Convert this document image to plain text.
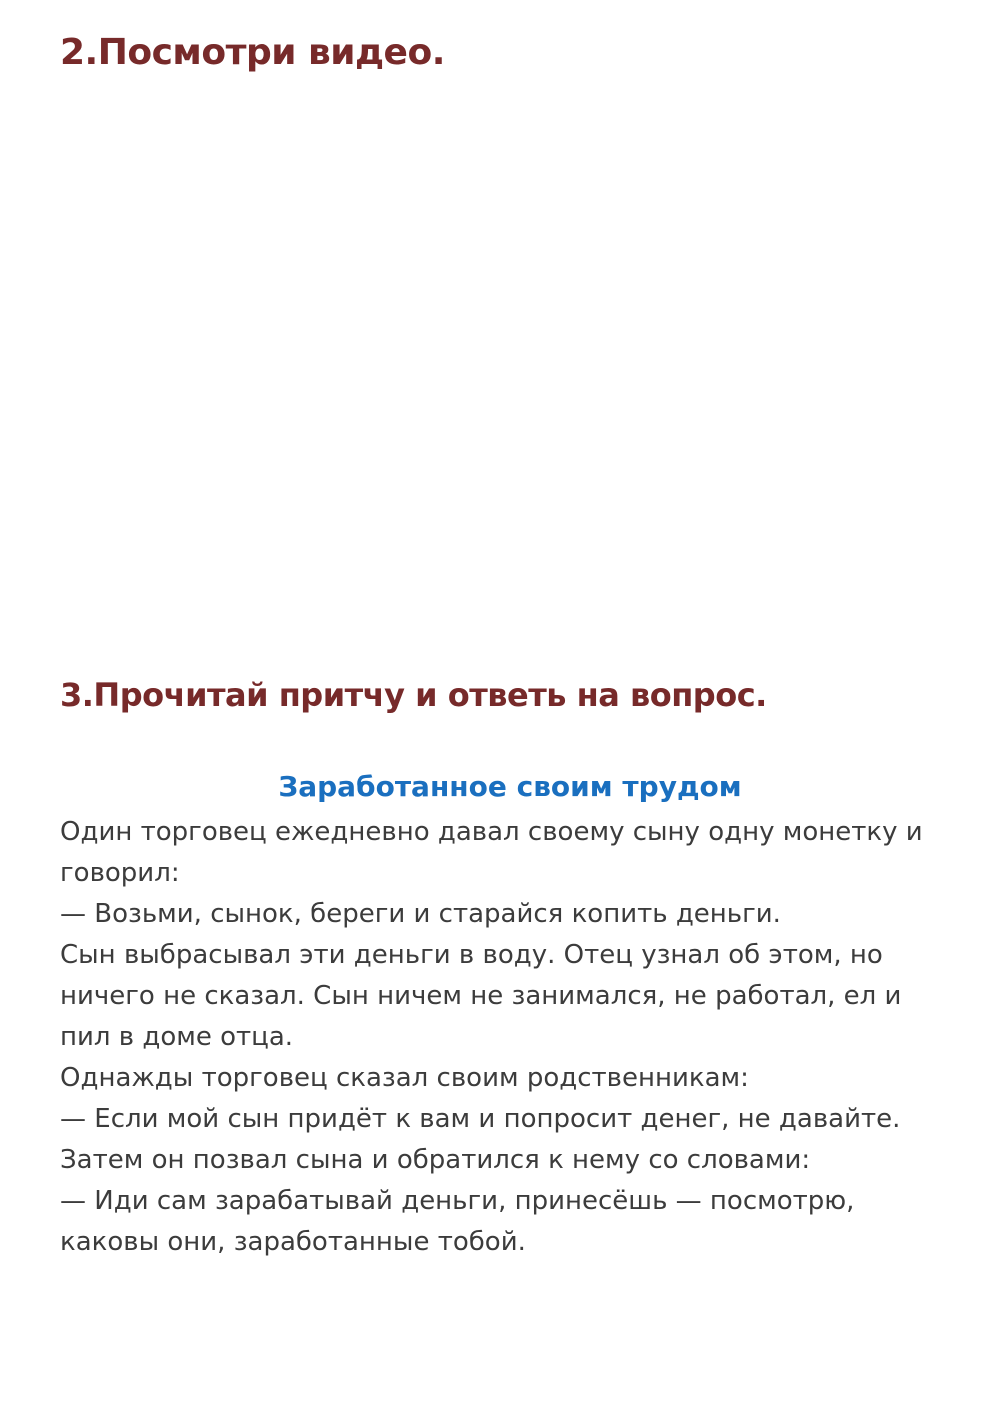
2.Посмотри видео.
3.Прочитай притчу и ответь на вопрос.
Заработанное своим трудом

Один торговец ежедневно давал своему сыну одну монетку и говорил:

— Возьми, сынок, береги и старайся копить деньги.

Сын выбрасывал эти деньги в воду. Отец узнал об этом, но ничего не сказал. Сын ничем не занимался, не работал, ел и пил в доме отца.

Однажды торговец сказал своим родственникам:

— Если мой сын придёт к вам и попросит денег, не давайте.

Затем он позвал сына и обратился к нему со словами:

— Иди сам зарабатывай деньги, принесёшь — посмотрю, каковы они, заработанные тобой.
